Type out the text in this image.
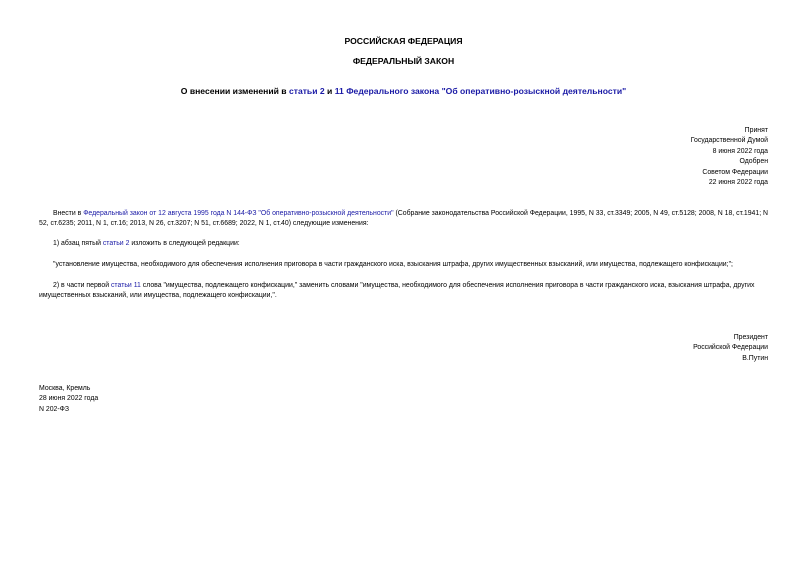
РОССИЙСКАЯ ФЕДЕРАЦИЯ
ФЕДЕРАЛЬНЫЙ ЗАКОН
О внесении изменений в статьи 2 и 11 Федерального закона "Об оперативно-розыскной деятельности"
Принят
Государственной Думой
8 июня 2022 года
Одобрен
Советом Федерации
22 июня 2022 года
Внести в Федеральный закон от 12 августа 1995 года N 144-ФЗ "Об оперативно-розыскной деятельности" (Собрание законодательства Российской Федерации, 1995, N 33, ст.3349; 2005, N 49, ст.5128; 2008, N 18, ст.1941; N 52, ст.6235; 2011, N 1, ст.16; 2013, N 26, ст.3207; N 51, ст.6689; 2022, N 1, ст.40) следующие изменения:
1) абзац пятый статьи 2 изложить в следующей редакции:
"установление имущества, необходимого для обеспечения исполнения приговора в части гражданского иска, взыскания штрафа, других имущественных взысканий, или имущества, подлежащего конфискации;";
2) в части первой статьи 11 слова "имущества, подлежащего конфискации," заменить словами "имущества, необходимого для обеспечения исполнения приговора в части гражданского иска, взыскания штрафа, других имущественных взысканий, или имущества, подлежащего конфискации,".
Президент
Российской Федерации
В.Путин
Москва, Кремль
28 июня 2022 года
N 202-ФЗ
